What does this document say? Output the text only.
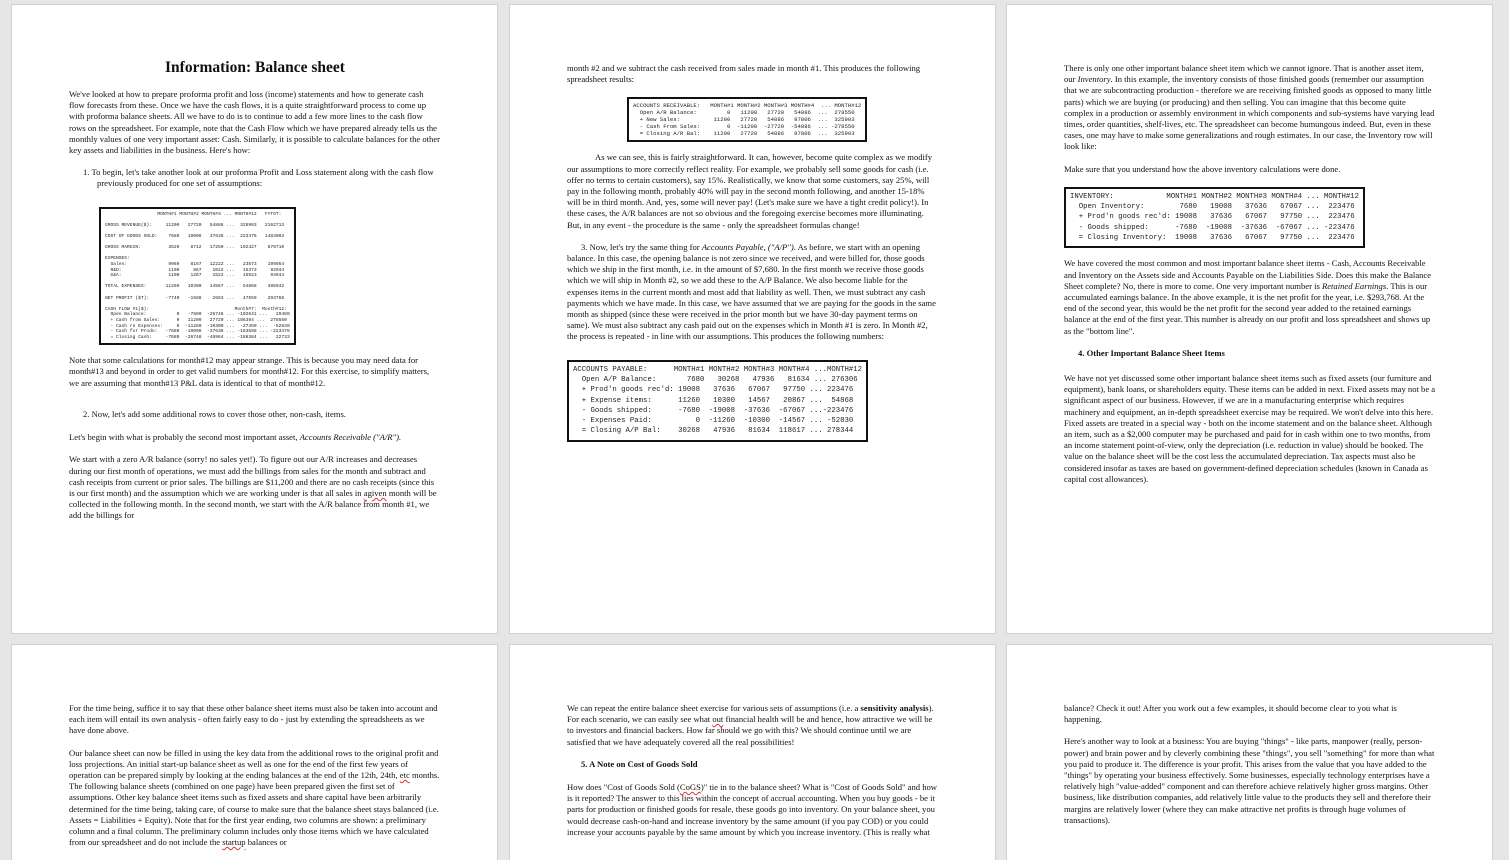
Information: Balance sheet

We've looked at how to prepare proforma profit and loss (income) statements and how to generate cash flow forecasts from these. Once we have the cash flows, it is a quite straightforward process to come up with proforma balance sheets. All we have to do is to continue to add a few more lines to the cash flow rows on the spreadsheet. For example, note that the Cash Flow which we have prepared already tells us the monthly values of one very important asset: Cash. Similarly, it is possible to calculate balances for the other key assets and liabilities in the business. Here's how:

1. To begin, let's take another look at our proforma Profit and Loss statement along with the cash flow previously produced for one set of assumptions:

MONTH#1 MONTH#2 MONTH#3 ... MONTH#12   FYTOT:

GROSS REVENUE($):     11200   27720   54886 ...  325903   2162713

COST OF GOODS SOLD:    7680   19008   37636 ...  223476   1483003

GROSS MARGIN:          3520    8712   17250 ...  102427    679710

EXPENSES:
Sales:               9060    8167   12222 ...   23573    199954
R&D:                 1100     867    1022 ...   15373     92044
G&A:                 1100    1267    1522 ...   15923     93944

TOTAL EXPENSES:       11260   10300   14567 ...   54868    385942

NET PROFIT ($T):      -7740   -1588    2683 ...   47559    293768

CASH FLOW #1($):                               Month#7:  Month#12:
Open Balance:           0   -7680  -26748 ... -102641 ...   20489
+ Cash from Sales:      0   11200   27720 ... 186394 ...  278550
- Cash re Expenses:     0  -11260  -10300 ...  -27450 ...  -52830
- Cash for Prodn:   -7680  -19008  -37636 ... -163688 ... -223476
= Closing Cash:     -7680  -26748  -46964 ... -186384 ...   22733

Note that some calculations for month#12 may appear strange. This is because you may need data for month#13 and beyond in order to get valid numbers for month#12. For this exercise, to simplify matters, we are assuming that month#13 P&L data is identical to that of month#12.

2. Now, let's add some additional rows to cover those other, non-cash, items.

Let's begin with what is probably the second most important asset, Accounts Receivable ("A/R").

We start with a zero A/R balance (sorry! no sales yet!). To figure out our A/R increases and decreases during our first month of operations, we must add the billings from sales for the month and subtract and cash receipts from current or prior sales. The billings are $11,200 and there are no cash receipts (since this is our first month) and the assumption which we are working under is that all sales in agiven month will be collected in the following month. In the second month, we start with the A/R balance from month #1, we add the billings for

month #2 and we subtract the cash received from sales made in month #1. This produces the following spreadsheet results:

ACCOUNTS RECEIVABLE:   MONTH#1 MONTH#2 MONTH#3 MONTH#4  ... MONTH#12
Open A/R Balance:         0   11200   27720   54886  ...  278550
+ New Sales:          11200   27720   54886   97806  ...  325903
- Cash From Sales:        0  -11200  -27720  -54886  ... -278550
= Closing A/R Bal:    11200   27720   54886   97806  ...  325903

As we can see, this is fairly straightforward. It can, however, become quite complex as we modify our assumptions to more correctly reflect reality. For example, we probably sell some goods for cash (i.e. offer no terms to certain customers), say 15%. Realistically, we know that some customers, say 25%, will pay in the following month, probably 40% will pay in the second month following, and another 15-18% will be in third month. And, yes, some will never pay! (Let's make sure we have a tight credit policy!). In these cases, the A/R balances are not so obvious and the foregoing exercise becomes more illuminating. But, in any event - the procedure is the same - only the spreadsheet formulas change!

3. Now, let's try the same thing for Accounts Payable, ("A/P"). As before, we start with an opening balance. In this case, the opening balance is not zero since we received, and were billed for, those goods which we ship in the first month, i.e. in the amount of $7,680. In the first month we receive those goods which we will ship in Month #2, so we add these to the A/P Balance. We also become liable for the expenses items in the current month and most add that liability as well. Then, we must subtract any cash payments which we have made. In this case, we have assumed that we are paying for the goods in the same month as shipped (since these were received in the prior month but we have 30-day payment terms on same). We must also subtract any cash paid out on the expenses which in Month #1 is zero. In Month #2, the process is repeated - in line with our assumptions. This produces the following numbers:

ACCOUNTS PAYABLE:      MONTH#1 MONTH#2 MONTH#3 MONTH#4 ...MONTH#12
Open A/P Balance:       7680   30268   47936   81634 ... 276306
+ Prod'n goods rec'd: 19008   37636   67067   97750 ... 223476
+ Expense items:      11260   10300   14567   20867 ...  54868
- Goods shipped:      -7680  -19008  -37636  -67067 ...-223476
- Expenses Paid:          0  -11260  -10300  -14567 ... -52830
= Closing A/P Bal:    30268   47936   81634  118617 ... 278344

There is only one other important balance sheet item which we cannot ignore. That is another asset item, our Inventory. In this example, the inventory consists of those finished goods (remember our assumption that we are subcontracting production - therefore we are receiving finished goods as opposed to many little parts) which we are buying (or producing) and then selling. You can imagine that this become quite complex in a production or assembly environment in which components and sub-systems have varying lead times, order quantities, shelf-lives, etc. The spreadsheet can become humungous indeed. But, even in these cases, one may have to make some generalizations and rough estimates. In our case, the Inventory row will look like:

Make sure that you understand how the above inventory calculations were done.

INVENTORY:            MONTH#1 MONTH#2 MONTH#3 MONTH#4 ... MONTH#12
Open Inventory:        7680   19008   37636   67067 ...  223476
+ Prod'n goods rec'd: 19008   37636   67067   97750 ...  223476
- Goods shipped:      -7680  -19008  -37636  -67067 ... -223476
= Closing Inventory:  19008   37636   67067   97750 ...  223476

We have covered the most common and most important balance sheet items - Cash, Accounts Receivable and Inventory on the Assets side and Accounts Payable on the Liabilities Side. Does this make the Balance Sheet complete? No, there is more to come. One very important number is Retained Earnings. This is our accumulated earnings balance. In the above example, it is the net profit for the year, i.e. $293,768. At the end of the second year, this would be the net profit for the second year added to the retained earnings balance at the end of the first year. This number is already on our profit and loss spreadsheet and shows up as the "bottom line".

4. Other Important Balance Sheet Items

We have not yet discussed some other important balance sheet items such as fixed assets (our furniture and equipment), bank loans, or shareholders equity. These items can be added in next. Fixed assets may not be a significant aspect of our business. However, if we are in a manufacturing enterprise which requires machinery and equipment, an in-depth spreadsheet exercise may be required. We won't delve into this here. Fixed assets are treated in a special way - both on the income statement and on the balance sheet. Although an item, such as a $2,000 computer may be purchased and paid for in cash within one to two months, from an income statement point-of-view, only the depreciation (i.e. reduction in value) should be booked. The value on the balance sheet will be the cost less the accumulated depreciation. Tax aspects must also be considered insofar as taxes are based on government-defined depreciation schedules (known in Canada as capital cost allowances).

For the time being, suffice it to say that these other balance sheet items must also be taken into account and each item will entail its own analysis - often fairly easy to do - just by extending the spreadsheets as we have done above.

Our balance sheet can now be filled in using the key data from the additional rows to the original profit and loss projections. An initial start-up balance sheet as well as one for the end of the first few years of operation can be prepared simply by looking at the ending balances at the end of the 12th, 24th, etc months. The following balance sheets (combined on one page) have been prepared given the first set of assumptions. Other key balance sheet items such as fixed assets and share capital have been arbitrarily determined for the time being, taking care, of course to make sure that the balance sheet stays balanced (i.e. Assets = Liabilities + Equity). Note that for the first year ending, two columns are shown: a preliminary column and a final column. The preliminary column includes only those items which we have calculated from our spreadsheet and do not include the startup balances or

We can repeat the entire balance sheet exercise for various sets of assumptions (i.e. a sensitivity analysis). For each scenario, we can easily see what out financial health will be and hence, how attractive we will be to investors and financial backers. How far should we go with this? We should continue until we are satisfied that we have adequately covered all the real possibilities!

5. A Note on Cost of Goods Sold

How does "Cost of Goods Sold (CoGS)" tie in to the balance sheet? What is "Cost of Goods Sold" and how is it reported? The answer to this lies within the concept of accrual accounting. When you buy goods - be it parts for production or finished goods for resale, these goods go into inventory. On your balance sheet, you would decrease cash-on-hand and increase inventory by the same amount (if you pay COD) or you could increase your accounts payable by the same amount by which you increase inventory. (This is really what

balance? Check it out! After you work out a few examples, it should become clear to you what is happening.

Here's another way to look at a business: You are buying "things" - like parts, manpower (really, person-power) and brain power and by cleverly combining these "things", you sell "something" for more than what you paid to produce it. The difference is your profit. This arises from the value that you have added to the "things" by operating your business effectively. Some businesses, especially technology enterprises have a relatively high "value-added" component and can therefore achieve relatively higher gross margins. Other business, like distribution companies, add relatively little value to the products they sell and therefore their margins are relatively lower (where they can make attractive net profits is through huge volumes of transactions).
